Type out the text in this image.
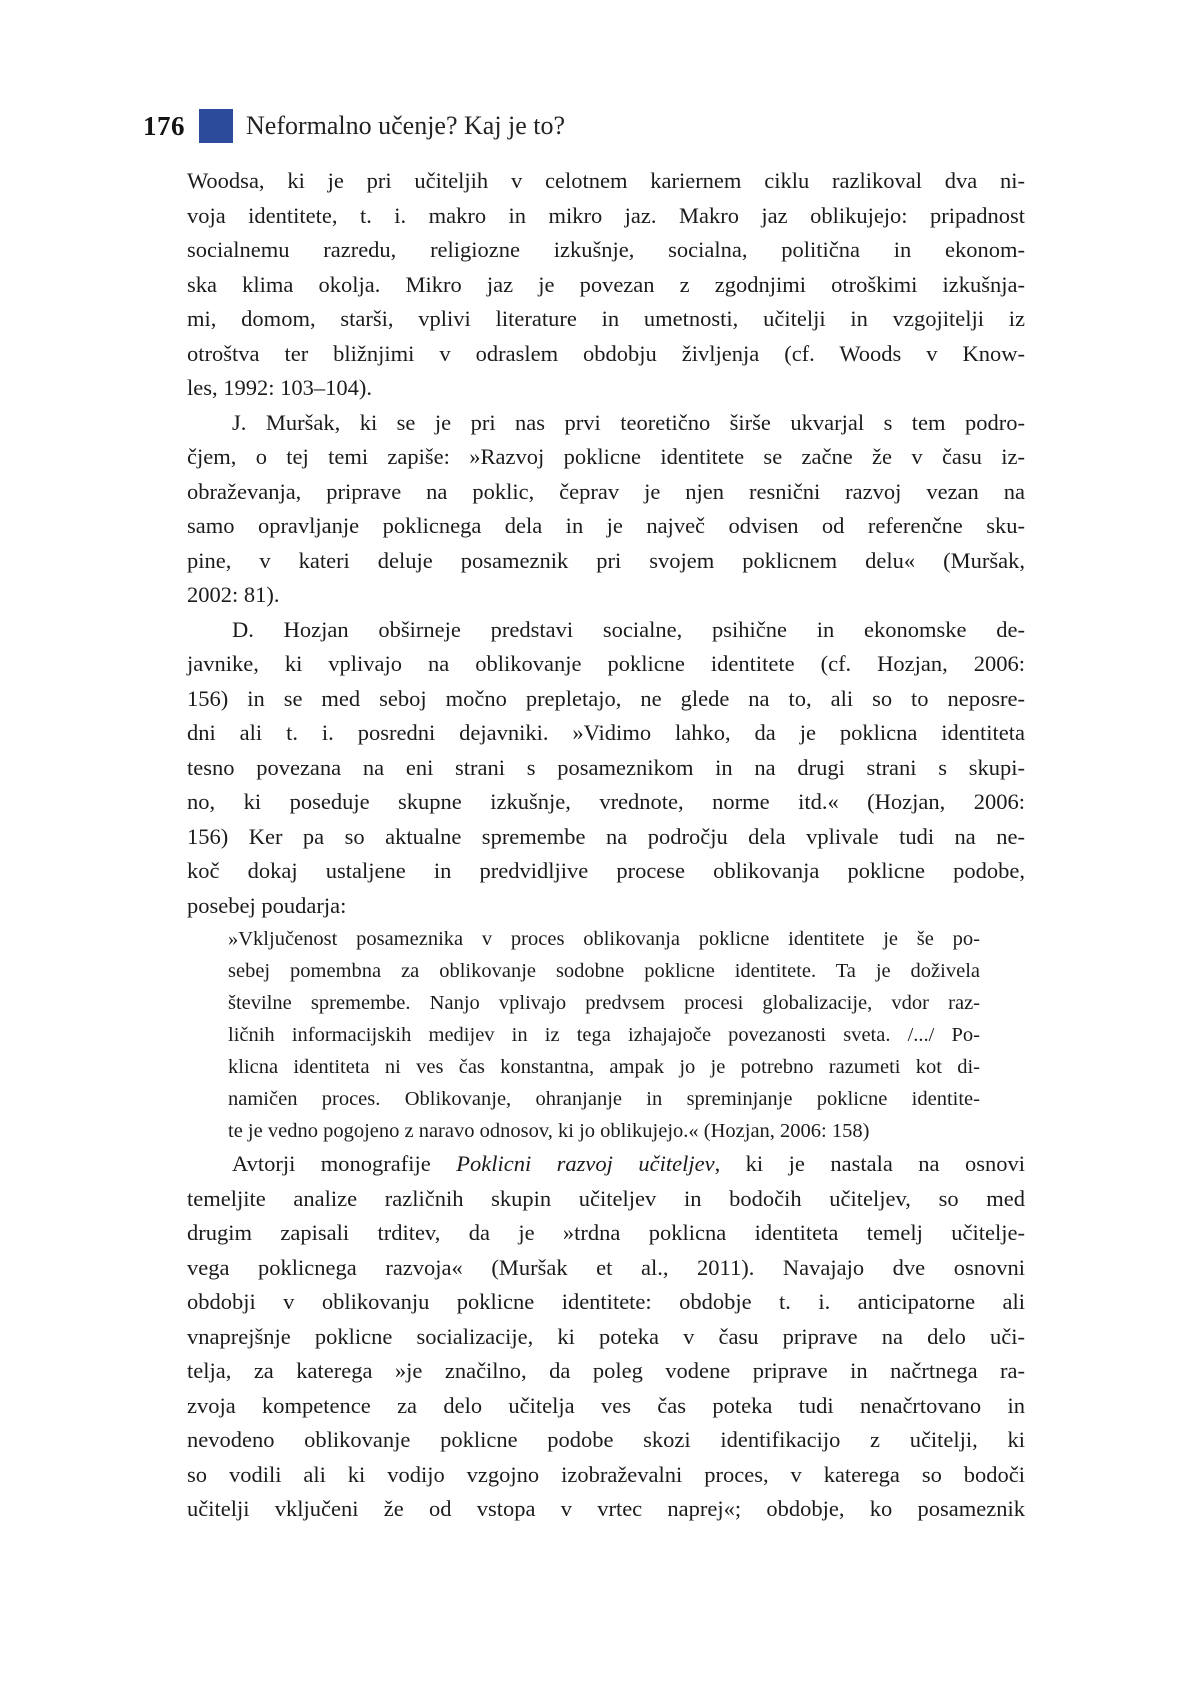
176 Neformalno učenje? Kaj je to?
Woodsa, ki je pri učiteljih v celotnem kariernem ciklu razlikoval dva ni-
voja identitete, t. i. makro in mikro jaz. Makro jaz oblikujejo: pripadnost
socialnemu razredu, religiozne izkušnje, socialna, politična in ekonom-
ska klima okolja. Mikro jaz je povezan z zgodnjimi otroškimi izkušnja-
mi, domom, starši, vplivi literature in umetnosti, učitelji in vzgojitelji iz
otroštva ter bližnjimi v odraslem obdobju življenja (cf. Woods v Know-
les, 1992: 103–104).
J. Muršak, ki se je pri nas prvi teoretično širše ukvarjal s tem podro-
čjem, o tej temi zapiše: »Razvoj poklicne identitete se začne že v času iz-
obraževanja, priprave na poklic, čeprav je njen resnični razvoj vezan na
samo opravljanje poklicnega dela in je največ odvisen od referenčne sku-
pine, v kateri deluje posameznik pri svojem poklicnem delu« (Muršak,
2002: 81).
D. Hozjan obširneje predstavi socialne, psihične in ekonomske de-
javnike, ki vplivajo na oblikovanje poklicne identitete (cf. Hozjan, 2006:
156) in se med seboj močno prepletajo, ne glede na to, ali so to neposre-
dni ali t. i. posredni dejavniki. »Vidimo lahko, da je poklicna identiteta
tesno povezana na eni strani s posameznikom in na drugi strani s skupi-
no, ki poseduje skupne izkušnje, vrednote, norme itd.« (Hozjan, 2006:
156) Ker pa so aktualne spremembe na področju dela vplivale tudi na ne-
koč dokaj ustaljene in predvidljive procese oblikovanja poklicne podobe,
posebej poudarja:
»Vključenost posameznika v proces oblikovanja poklicne identitete je še po-
sebej pomembna za oblikovanje sodobne poklicne identitete. Ta je doživela
številne spremembe. Nanjo vplivajo predvsem procesi globalizacije, vdor raz-
ličnih informacijskih medijev in iz tega izhajajoče povezanosti sveta. /.../ Po-
klicna identiteta ni ves čas konstantna, ampak jo je potrebno razumeti kot di-
namičen proces. Oblikovanje, ohranjanje in spreminjanje poklicne identite-
te je vedno pogojeno z naravo odnosov, ki jo oblikujejo.« (Hozjan, 2006: 158)
Avtorji monografije Poklicni razvoj učiteljev, ki je nastala na osnovi
temeljite analize različnih skupin učiteljev in bodočih učiteljev, so med
drugim zapisali trditev, da je »trdna poklicna identiteta temelj učitelje-
vega poklicnega razvoja« (Muršak et al., 2011). Navajajo dve osnovni
obdobji v oblikovanju poklicne identitete: obdobje t. i. anticipatorne ali
vnaprejšnje poklicne socializacije, ki poteka v času priprave na delo uči-
telja, za katerega »je značilno, da poleg vodene priprave in načrtnega ra-
zvoja kompetence za delo učitelja ves čas poteka tudi nenačrtovano in
nevodeno oblikovanje poklicne podobe skozi identifikacijo z učitelji, ki
so vodili ali ki vodijo vzgojno izobraževalni proces, v katerega so bodoči
učitelji vključeni že od vstopa v vrtec naprej«; obdobje, ko posameznik
